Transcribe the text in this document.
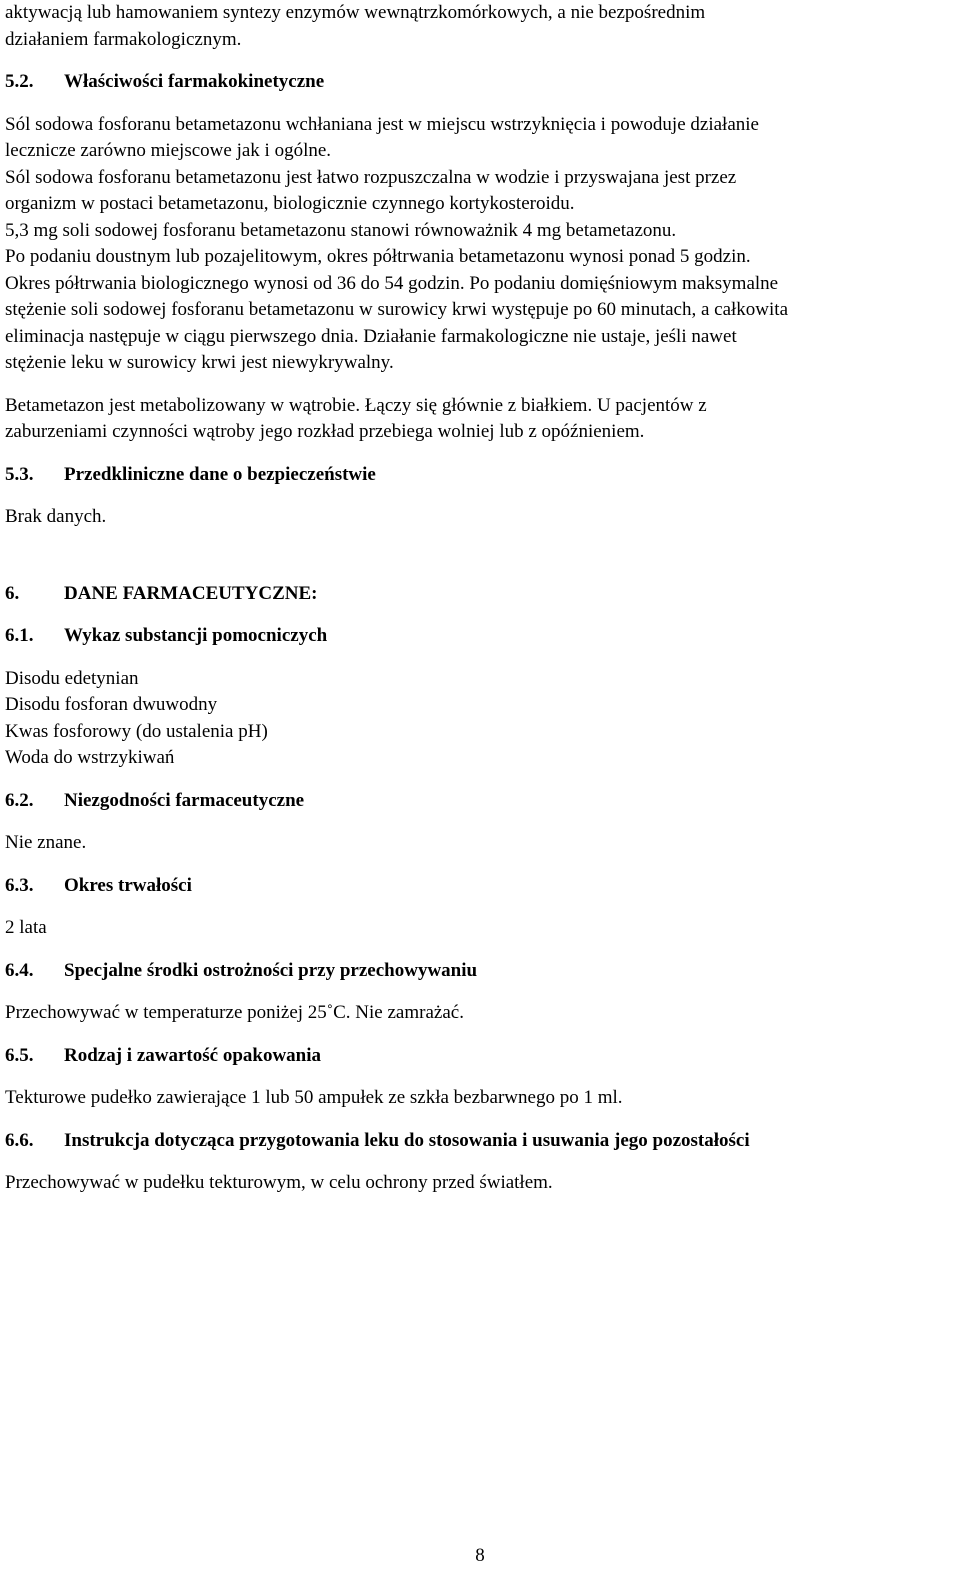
aktywacją lub hamowaniem syntezy enzymów wewnątrzkomórkowych, a nie bezpośrednim
działaniem farmakologicznym.

5.2.	Właściwości farmakokinetyczne

Sól sodowa fosforanu betametazonu wchłaniana jest w miejscu wstrzyknięcia i powoduje działanie
lecznicze zarówno miejscowe jak i ogólne.
Sól sodowa fosforanu betametazonu jest łatwo rozpuszczalna w wodzie i przyswajana jest przez
organizm w postaci betametazonu, biologicznie czynnego kortykosteroidu.
5,3 mg soli sodowej fosforanu betametazonu stanowi równoważnik 4 mg betametazonu.
Po podaniu doustnym lub pozajelitowym, okres półtrwania betametazonu wynosi ponad 5 godzin.
Okres półtrwania biologicznego wynosi od 36 do 54 godzin. Po podaniu domięśniowym maksymalne
stężenie soli sodowej fosforanu betametazonu w surowicy krwi występuje po 60 minutach, a całkowita
eliminacja następuje w ciągu pierwszego dnia. Działanie farmakologiczne nie ustaje, jeśli nawet
stężenie leku w surowicy krwi jest niewykrywalny.

Betametazon jest metabolizowany w wątrobie. Łączy się głównie z białkiem. U pacjentów z
zaburzeniami czynności wątroby jego rozkład przebiega wolniej lub z opóźnieniem.

5.3.	Przedkliniczne dane o bezpieczeństwie

Brak danych.

6.	DANE FARMACEUTYCZNE:
6.1.	Wykaz substancji pomocniczych

Disodu edetynian
Disodu fosforan dwuwodny
Kwas fosforowy (do ustalenia pH)
Woda do wstrzykiwań

6.2.	Niezgodności farmaceutyczne

Nie znane.

6.3.	Okres trwałości

2 lata

6.4.	Specjalne środki ostrożności przy przechowywaniu

Przechowywać w temperaturze poniżej 25˚C. Nie zamrażać.

6.5.	Rodzaj i zawartość opakowania

Tekturowe pudełko zawierające 1 lub 50 ampułek ze szkła bezbarwnego po 1 ml.

6.6.	Instrukcja dotycząca przygotowania leku do stosowania i usuwania jego pozostałości

Przechowywać w pudełku tekturowym, w celu ochrony przed światłem.

8
